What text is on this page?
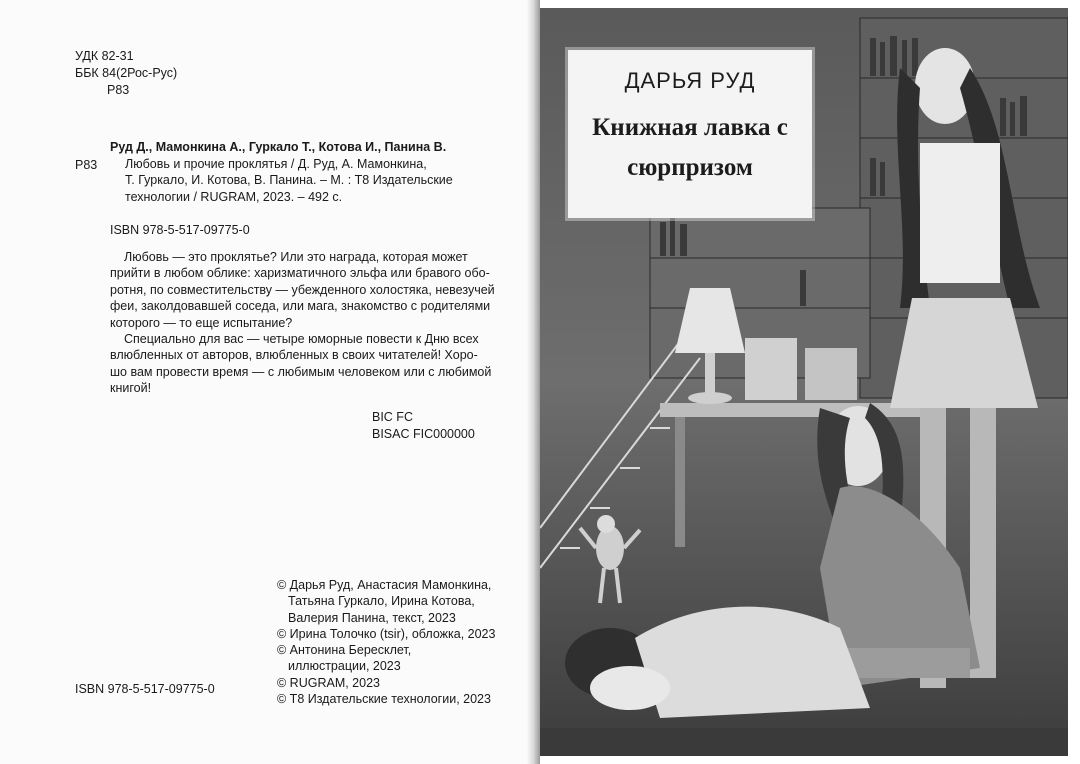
УДК 82-31
ББК 84(2Рос-Рус)
Р83
Руд Д., Мамонкина А., Гуркало Т., Котова И., Панина В.
Р83 Любовь и прочие проклятья / Д. Руд, А. Мамонкина,
Т. Гуркало, И. Котова, В. Панина. – М. : Т8 Издательские
технологии / RUGRAM, 2023. – 492 с.
ISBN 978-5-517-09775-0
Любовь — это проклятье? Или это награда, которая может
прийти в любом облике: харизматичного эльфа или бравого обо-
ротня, по совместительству — убежденного холостяка, невезучей
феи, заколдовавшей соседа, или мага, знакомство с родителями
которого — то еще испытание?
Специально для вас — четыре юморные повести к Дню всех
влюбленных от авторов, влюбленных в своих читателей! Хоро-
шо вам провести время — с любимым человеком или с любимой
книгой!
BIC FC
BISAC FIC000000
© Дарья Руд, Анастасия Мамонкина,
Татьяна Гуркало, Ирина Котова,
Валерия Панина, текст, 2023
© Ирина Толочко (tsir), обложка, 2023
© Антонина Бересклет,
иллюстрации, 2023
© RUGRAM, 2023
© Т8 Издательские технологии, 2023
ISBN 978-5-517-09775-0
ДАРЬЯ РУД
Книжная лавка с
сюрпризом
